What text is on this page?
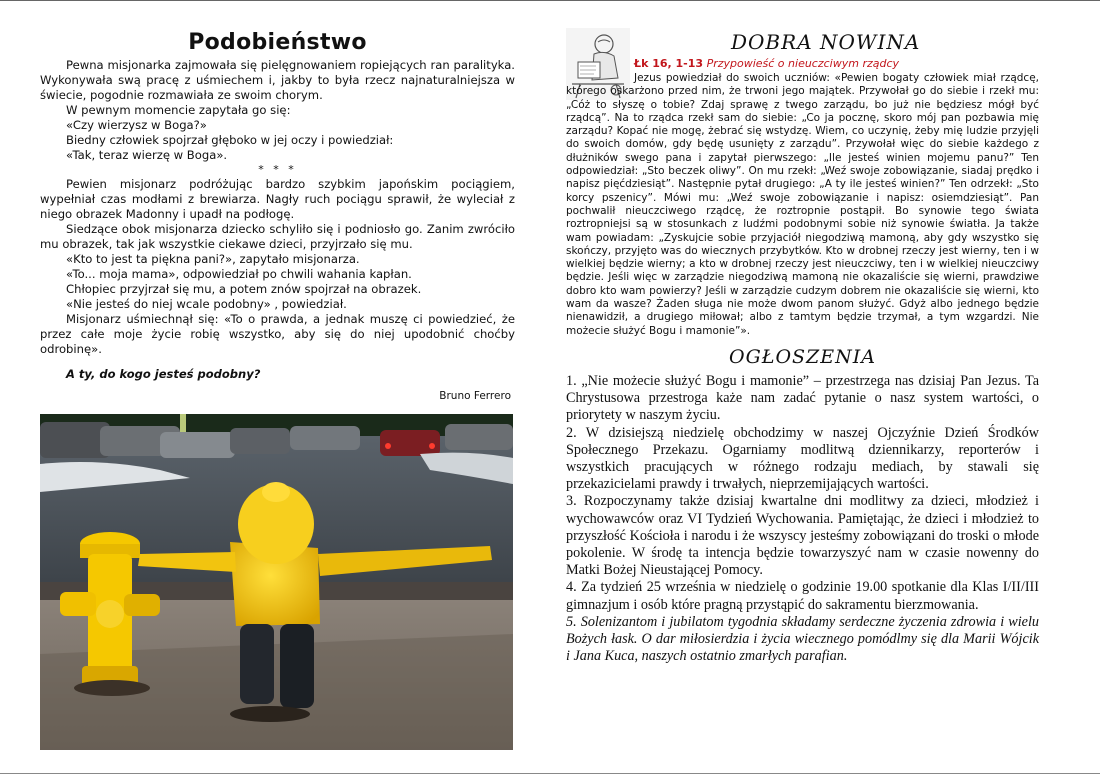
Podobieństwo

Pewna misjonarka zajmowała się pielęgnowaniem ropiejących ran paralityka. Wykonywała swą pracę z uśmiechem i, jakby to była rzecz najnaturalniejsza w świecie, pogodnie rozmawiała ze swoim chorym.

W pewnym momencie zapytała go się:

«Czy wierzysz w Boga?»

Biedny człowiek spojrzał głęboko w jej oczy i powiedział:

«Tak, teraz wierzę w Boga».

* * *

Pewien misjonarz podróżując bardzo szybkim japońskim pociągiem, wypełniał czas modłami z brewiarza. Nagły ruch pociągu sprawił, że wyleciał z niego obrazek Madonny i upadł na podłogę.

Siedzące obok misjonarza dziecko schyliło się i podniosło go. Zanim zwróciło mu obrazek, tak jak wszystkie ciekawe dzieci, przyjrzało się mu.

«Kto to jest ta piękna pani?», zapytało misjonarza.

«To... moja mama», odpowiedział po chwili wahania kapłan.

Chłopiec przyjrzał się mu, a potem znów spojrzał na obrazek.

«Nie jesteś do niej wcale podobny» , powiedział.

Misjonarz uśmiechnął się: «To o prawda, a jednak muszę ci powiedzieć, że przez całe moje życie robię wszystko, aby się do niej upodobnić choćby odrobinę».

A ty, do kogo jesteś podobny?
Bruno Ferrero
DOBRA NOWINA
Łk 16, 1-13 Przypowieść o nieuczciwym rządcy

Jezus powiedział do swoich uczniów: «Pewien bogaty człowiek miał rządcę, którego oskarżono przed nim, że trwoni jego majątek. Przywołał go do siebie i rzekł mu: „Cóż to słyszę o tobie? Zdaj sprawę z twego zarządu, bo już nie będziesz mógł być rządcą”. Na to rządca rzekł sam do siebie: „Co ja pocznę, skoro mój pan pozbawia mię zarządu? Kopać nie mogę, żebrać się wstydzę. Wiem, co uczynię, żeby mię ludzie przyjęli do swoich domów, gdy będę usunięty z zarządu”. Przywołał więc do siebie każdego z dłużników swego pana i zapytał pierwszego: „Ile jesteś winien mojemu panu?” Ten odpowiedział: „Sto beczek oliwy”. On mu rzekł: „Weź swoje zobowiązanie, siadaj prędko i napisz pięćdziesiąt”. Następnie pytał drugiego: „A ty ile jesteś winien?” Ten odrzekł: „Sto korcy pszenicy”. Mówi mu: „Weź swoje zobowiązanie i napisz: osiemdziesiąt”. Pan pochwalił nieuczciwego rządcę, że roztropnie postąpił. Bo synowie tego świata roztropniejsi są w stosunkach z ludźmi podobnymi sobie niż synowie światła. Ja także wam powiadam: „Zyskujcie sobie przyjaciół niegodziwą mamoną, aby gdy wszystko się skończy, przyjęto was do wiecznych przybytków. Kto w drobnej rzeczy jest wierny, ten i w wielkiej będzie wierny; a kto w drobnej rzeczy jest nieuczciwy, ten i w wielkiej nieuczciwy będzie. Jeśli więc w zarządzie niegodziwą mamoną nie okazaliście się wierni, prawdziwe dobro kto wam powierzy? Jeśli w zarządzie cudzym dobrem nie okazaliście się wierni, kto wam da wasze? Żaden sługa nie może dwom panom służyć. Gdyż albo jednego będzie nienawidził, a drugiego miłował; albo z tamtym będzie trzymał, a tym wzgardzi. Nie możecie służyć Bogu i mamonie”».

OGŁOSZENIA

1. „Nie możecie służyć Bogu i mamonie” – przestrzega nas dzisiaj Pan Jezus. Ta Chrystusowa przestroga każe nam zadać pytanie o nasz system wartości, o priorytety w naszym życiu.

2. W dzisiejszą niedzielę obchodzimy w naszej Ojczyźnie Dzień Środków Społecznego Przekazu. Ogarniamy modlitwą dziennikarzy, reporterów i wszystkich pracujących w różnego rodzaju mediach, by stawali się przekazicielami prawdy i trwałych, nieprzemijających wartości.

3. Rozpoczynamy także dzisiaj kwartalne dni modlitwy za dzieci, młodzież i wychowawców oraz VI Tydzień Wychowania. Pamiętając, że dzieci i młodzież to przyszłość Kościoła i narodu i że wszyscy jesteśmy zobowiązani do troski o młode pokolenie. W środę ta intencja będzie towarzyszyć nam w czasie nowenny do Matki Bożej Nieustającej Pomocy.

4. Za tydzień 25 września w niedzielę o godzinie 19.00 spotkanie dla Klas I/II/III gimnazjum i osób które pragną przystąpić do sakramentu bierzmowania.

5. Solenizantom i jubilatom tygodnia składamy serdeczne życzenia zdrowia i wielu Bożych łask. O dar miłosierdzia i życia wiecznego pomódlmy się dla Marii Wójcik i Jana Kuca, naszych ostatnio zmarłych parafian.
